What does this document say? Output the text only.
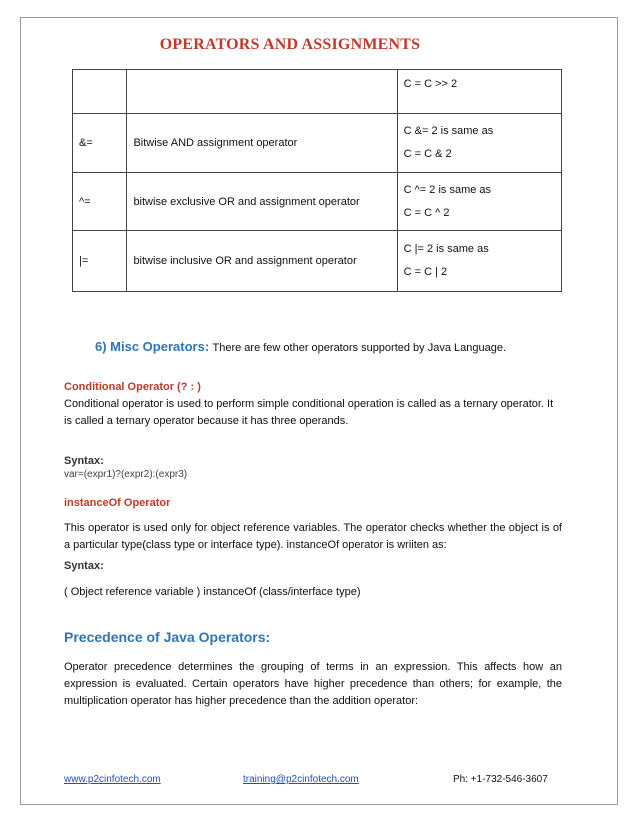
OPERATORS AND ASSIGNMENTS

		C = C >> 2

&=	Bitwise AND assignment operator	C &= 2 is same as
C = C & 2

^=	bitwise exclusive OR and assignment operator	C ^= 2 is same as
C = C ^ 2

|=	bitwise inclusive OR and assignment operator	C |= 2 is same as
C = C | 2
6) Misc Operators: There are few other operators supported by Java Language.
Conditional Operator (? : )
Conditional operator is used to perform simple conditional operation is called as a ternary operator. It is called a ternary operator because it has three operands.
Syntax:
var=(expr1)?(expr2):(expr3)
instanceOf Operator
This operator is used only for object reference variables. The operator checks whether the object is of a particular type(class type or interface type). instanceOf operator is wriiten as:
Syntax:
( Object reference variable ) instanceOf (class/interface type)
Precedence of Java Operators:
Operator precedence determines the grouping of terms in an expression. This affects how an expression is evaluated. Certain operators have higher precedence than others; for example, the multiplication operator has higher precedence than the addition operator:
www.p2cinfotech.com	training@p2cinfotech.com	Ph: +1-732-546-3607
